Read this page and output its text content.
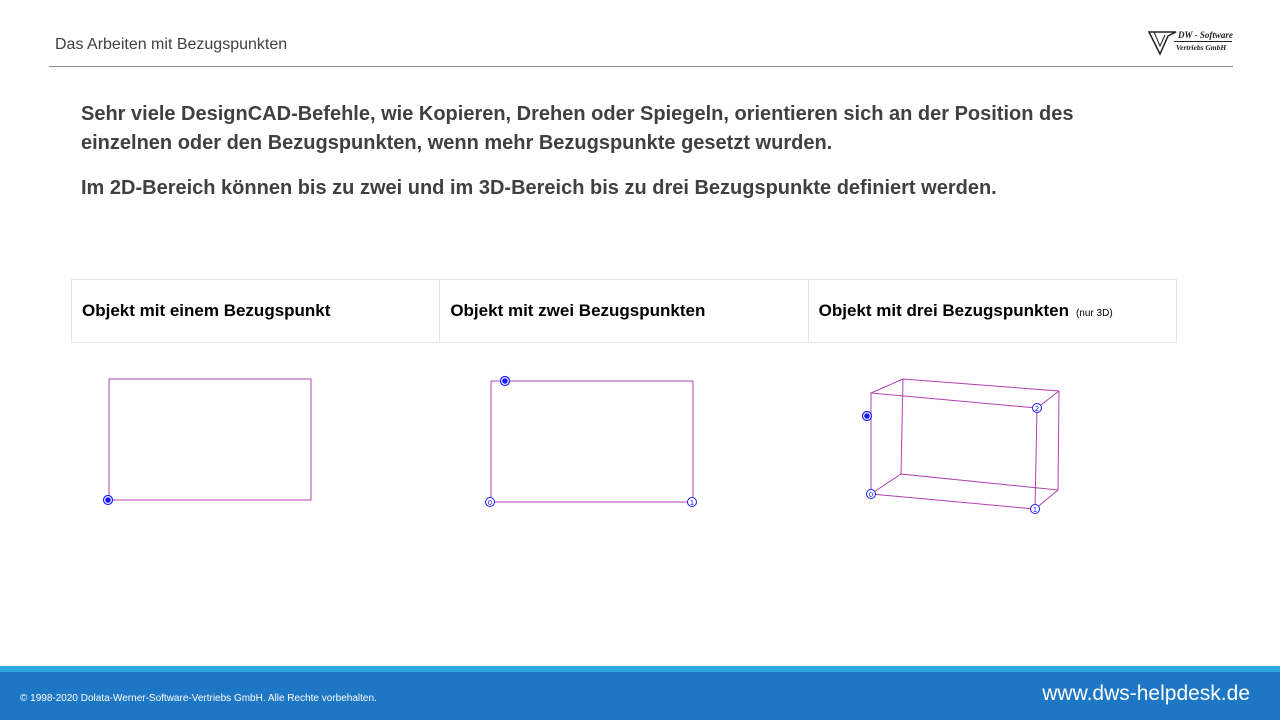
Das Arbeiten mit Bezugspunkten
DW - Software
Vertriebs GmbH
Sehr viele DesignCAD-Befehle, wie Kopieren, Drehen oder Spiegeln, orientieren sich an der Position des einzelnen oder den Bezugspunkten, wenn mehr Bezugspunkte gesetzt wurden.
Im 2D-Bereich können bis zu zwei und im 3D-Bereich bis zu drei Bezugspunkte definiert werden.
Objekt mit einem Bezugspunkt	Objekt mit zwei Bezugspunkten	Objekt mit drei Bezugspunkten (nur 3D)
0	1
0
1
2
© 1998-2020 Dolata-Werner-Software-Vertriebs GmbH. Alle Rechte vorbehalten.	www.dws-helpdesk.de
